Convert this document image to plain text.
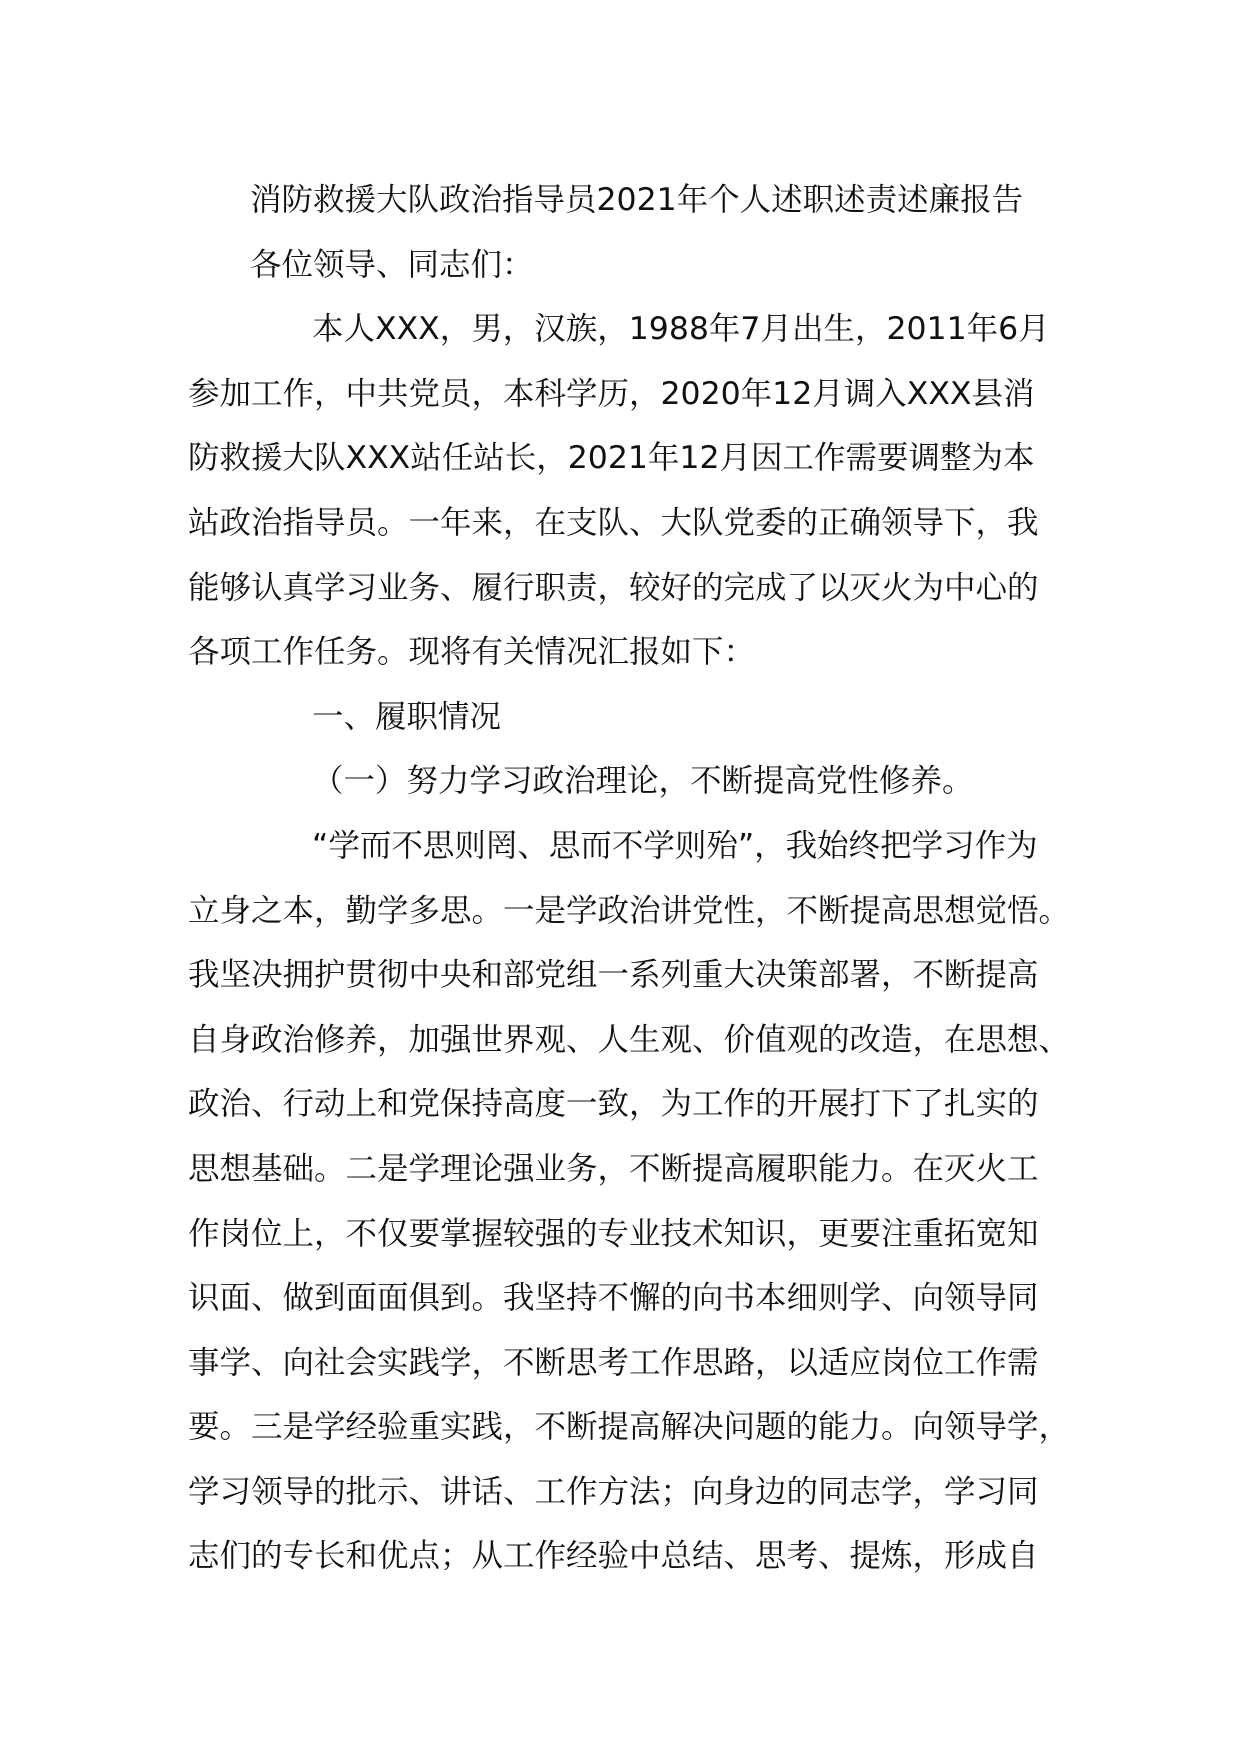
消防救援大队政治指导员2021年个人述职述责述廉报告
各位领导、同志们：
本人XXX，男，汉族，1988年7月出生，2011年6月
参加工作，中共党员，本科学历，2020年12月调入XXX县消
防救援大队XXX站任站长，2021年12月因工作需要调整为本
站政治指导员。一年来，在支队、大队党委的正确领导下，我
能够认真学习业务、履行职责，较好的完成了以灭火为中心的
各项工作任务。现将有关情况汇报如下：
一、履职情况
（一）努力学习政治理论，不断提高党性修养。
“学而不思则罔、思而不学则殆”，我始终把学习作为
立身之本，勤学多思。一是学政治讲党性，不断提高思想觉悟。
我坚决拥护贯彻中央和部党组一系列重大决策部署，不断提高
自身政治修养，加强世界观、人生观、价值观的改造，在思想、
政治、行动上和党保持高度一致，为工作的开展打下了扎实的
思想基础。二是学理论强业务，不断提高履职能力。在灭火工
作岗位上，不仅要掌握较强的专业技术知识，更要注重拓宽知
识面、做到面面俱到。我坚持不懈的向书本细则学、向领导同
事学、向社会实践学，不断思考工作思路，以适应岗位工作需
要。三是学经验重实践，不断提高解决问题的能力。向领导学，
学习领导的批示、讲话、工作方法；向身边的同志学，学习同
志们的专长和优点；从工作经验中总结、思考、提炼，形成自
